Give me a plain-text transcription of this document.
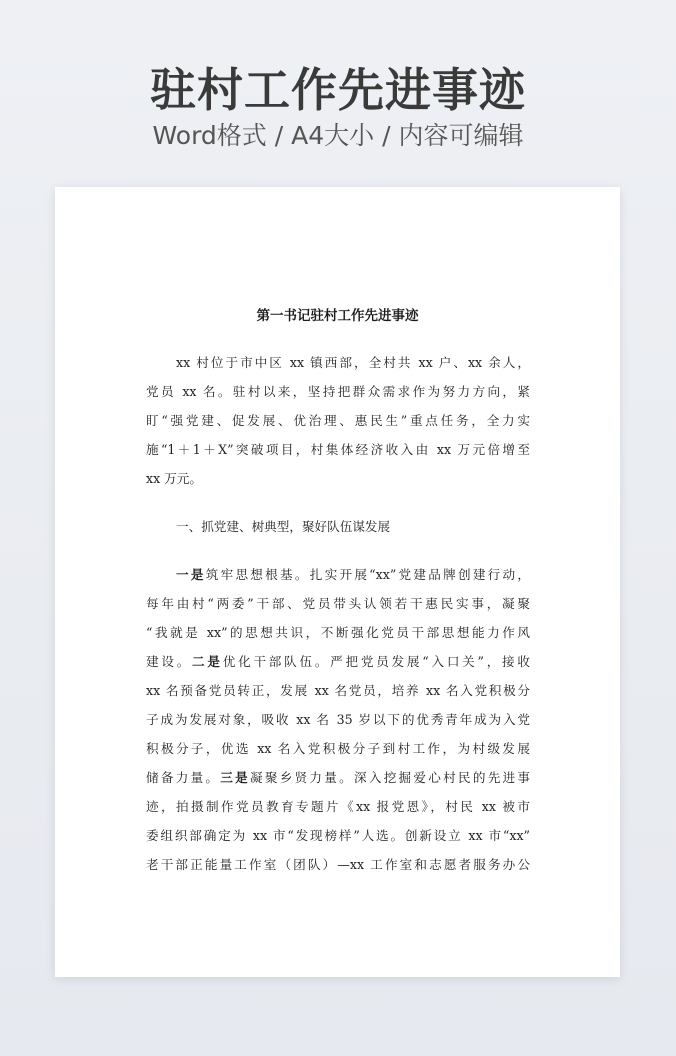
驻村工作先进事迹
Word格式 / A4大小 / 内容可编辑
第一书记驻村工作先进事迹
xx 村位于市中区 xx 镇西部，全村共 xx 户、xx 余人，
党员 xx 名。驻村以来，坚持把群众需求作为努力方向，紧
盯“强党建、促发展、优治理、惠民生”重点任务，全力实
施“1＋1＋X”突破项目，村集体经济收入由 xx 万元倍增至
xx 万元。
一、抓党建、树典型，聚好队伍谋发展
一是筑牢思想根基。扎实开展“xx”党建品牌创建行动，
每年由村“两委”干部、党员带头认领若干惠民实事，凝聚
“我就是 xx”的思想共识，不断强化党员干部思想能力作风
建设。二是优化干部队伍。严把党员发展“入口关”，接收
xx 名预备党员转正，发展 xx 名党员，培养 xx 名入党积极分
子成为发展对象，吸收 xx 名 35 岁以下的优秀青年成为入党
积极分子，优选 xx 名入党积极分子到村工作，为村级发展
储备力量。三是凝聚乡贤力量。深入挖掘爱心村民的先进事
迹，拍摄制作党员教育专题片《xx 报党恩》，村民 xx 被市
委组织部确定为 xx 市“发现榜样”人选。创新设立 xx 市“xx”
老干部正能量工作室（团队）—xx 工作室和志愿者服务办公
